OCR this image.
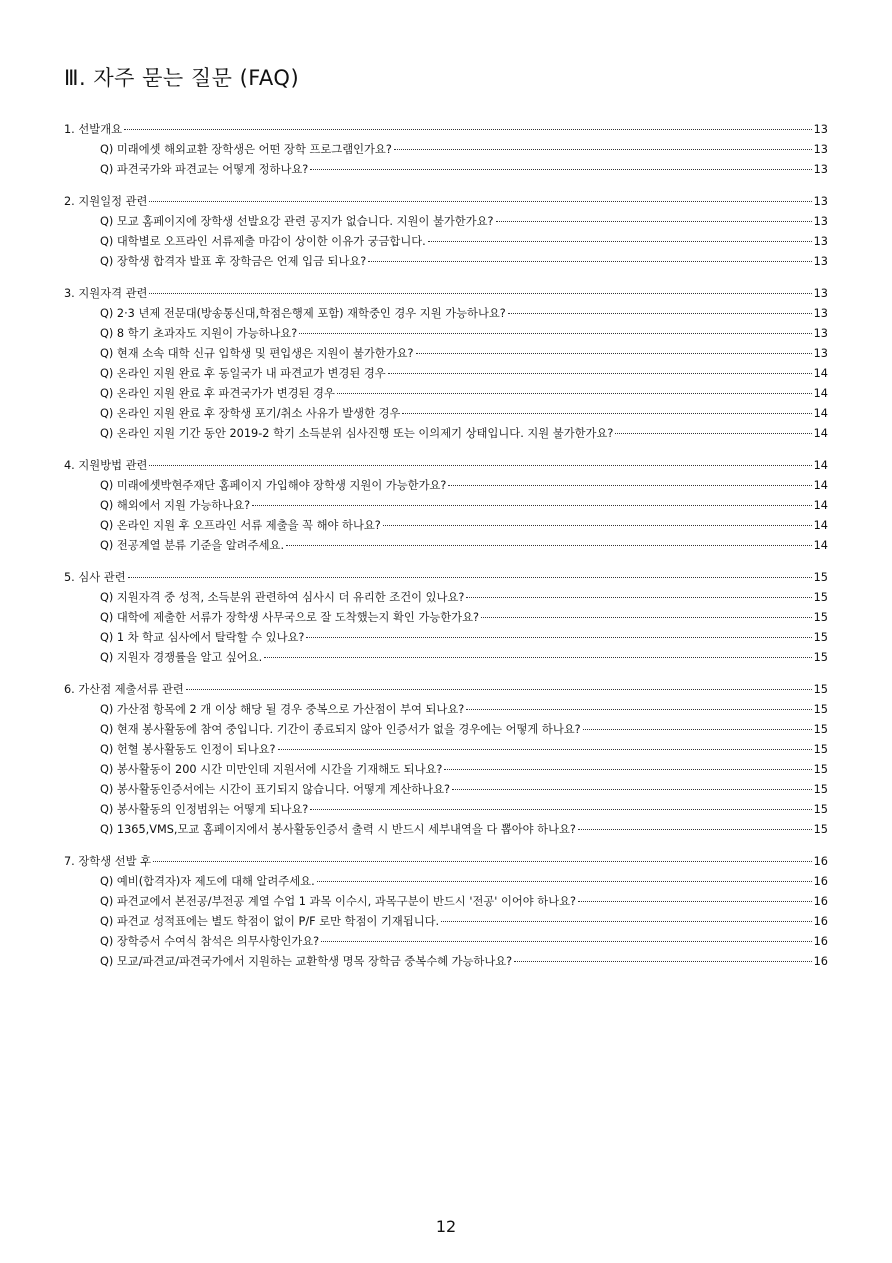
Ⅲ. 자주 묻는 질문 (FAQ)
1. 선발개요	13
Q) 미래에셋 해외교환 장학생은 어떤 장학 프로그램인가요?	13
Q) 파견국가와 파견교는 어떻게 정하나요?	13
2. 지원일정 관련	13
Q) 모교 홈페이지에 장학생 선발요강 관련 공지가 없습니다. 지원이 불가한가요?	13
Q) 대학별로 오프라인 서류제출 마감이 상이한 이유가 궁금합니다.	13
Q) 장학생 합격자 발표 후 장학금은 언제 입금 되나요?	13
3. 지원자격 관련	13
Q) 2·3 년제 전문대(방송통신대,학점은행제 포함) 재학중인 경우 지원 가능하나요?	13
Q) 8 학기 초과자도 지원이 가능하나요?	13
Q) 현재 소속 대학 신규 입학생 및 편입생은 지원이 불가한가요?	13
Q) 온라인 지원 완료 후 동일국가 내 파견교가 변경된 경우	14
Q) 온라인 지원 완료 후 파견국가가 변경된 경우	14
Q) 온라인 지원 완료 후 장학생 포기/취소 사유가 발생한 경우	14
Q) 온라인 지원 기간 동안 2019-2 학기 소득분위 심사진행 또는 이의제기 상태입니다. 지원 불가한가요?	14
4. 지원방법 관련	14
Q) 미래에셋박현주재단 홈페이지 가입해야 장학생 지원이 가능한가요?	14
Q) 해외에서 지원 가능하나요?	14
Q) 온라인 지원 후 오프라인 서류 제출을 꼭 해야 하나요?	14
Q) 전공계열 분류 기준을 알려주세요.	14
5. 심사 관련	15
Q) 지원자격 중 성적, 소득분위 관련하여 심사시 더 유리한 조건이 있나요?	15
Q) 대학에 제출한 서류가 장학생 사무국으로 잘 도착했는지 확인 가능한가요?	15
Q) 1 차 학교 심사에서 탈락할 수 있나요?	15
Q) 지원자 경쟁률을 알고 싶어요.	15
6. 가산점 제출서류 관련	15
Q) 가산점 항목에 2 개 이상 해당 될 경우 중복으로 가산점이 부여 되나요?	15
Q) 현재 봉사활동에 참여 중입니다. 기간이 종료되지 않아 인증서가 없을 경우에는 어떻게 하나요?	15
Q) 헌혈 봉사활동도 인정이 되나요?	15
Q) 봉사활동이 200 시간 미만인데 지원서에 시간을 기재해도 되나요?	15
Q) 봉사활동인증서에는 시간이 표기되지 않습니다. 어떻게 계산하나요?	15
Q) 봉사활동의 인정범위는 어떻게 되나요?	15
Q) 1365,VMS,모교 홈페이지에서 봉사활동인증서 출력 시 반드시 세부내역을 다 뽑아야 하나요?	15
7. 장학생 선발 후	16
Q) 예비(합격자)자 제도에 대해 알려주세요.	16
Q) 파견교에서 본전공/부전공 계열 수업 1 과목 이수시, 과목구분이 반드시 '전공' 이어야 하나요?	16
Q) 파견교 성적표에는 별도 학점이 없이 P/F 로만 학점이 기재됩니다.	16
Q) 장학증서 수여식 참석은 의무사항인가요?	16
Q) 모교/파견교/파견국가에서 지원하는 교환학생 명목 장학금 중복수혜 가능하나요?	16
12
